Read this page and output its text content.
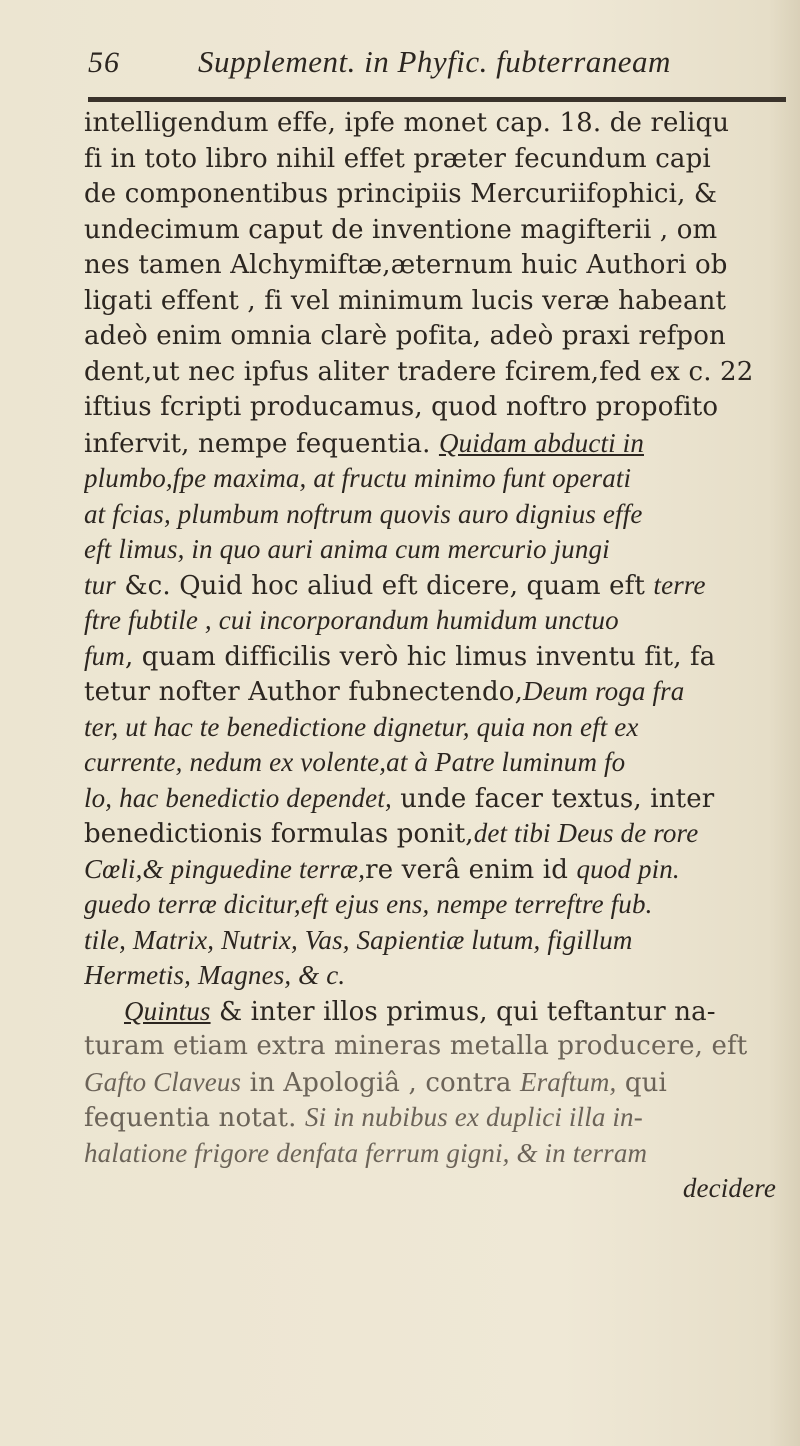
56	Supplement. in Phyfic. fubterraneam
intelligendum effe, ipfe monet cap. 18. de reliqu
fi in toto libro nihil effet præter fecundum capi
de componentibus principiis Mercuriifophici, &
undecimum caput de inventione magifterii , om
nes tamen Alchymiftæ,æternum huic Authori ob
ligati effent , fi vel minimum lucis veræ habeant
adeò enim omnia clarè pofita, adeò praxi refpon
dent,ut nec ipfus aliter tradere fcirem,fed ex c. 22
iftius fcripti producamus, quod noftro propofito
infervit, nempe fequentia. Quidam abducti in
plumbo,fpe maxima, at fructu minimo funt operati
at fcias, plumbum noftrum quovis auro dignius effe
eft limus, in quo auri anima cum mercurio jungi
tur &c. Quid hoc aliud eft dicere, quam eft terre
ftre fubtile , cui incorporandum humidum unctuo
fum, quam difficilis verò hic limus inventu fit, fa
tetur nofter Author fubnectendo,Deum roga fra
ter, ut hac te benedictione dignetur, quia non eft ex
currente, nedum ex volente,at à Patre luminum fo
lo, hac benedictio dependet, unde facer textus, inter
benedictionis formulas ponit,det tibi Deus de rore
Cœli,& pinguedine terræ,re verâ enim id quod pin.
guedo terræ dicitur,eft ejus ens, nempe terreftre fub.
tile, Matrix, Nutrix, Vas, Sapientiæ lutum, figillum
Hermetis, Magnes, & c.
Quintus & inter illos primus, qui teftantur na-
turam etiam extra mineras metalla producere, eft
Gafto Claveus in Apologiâ , contra Eraftum, qui
fequentia notat. Si in nubibus ex duplici illa in-
halatione frigore denfata ferrum gigni, & in terram
decidere
